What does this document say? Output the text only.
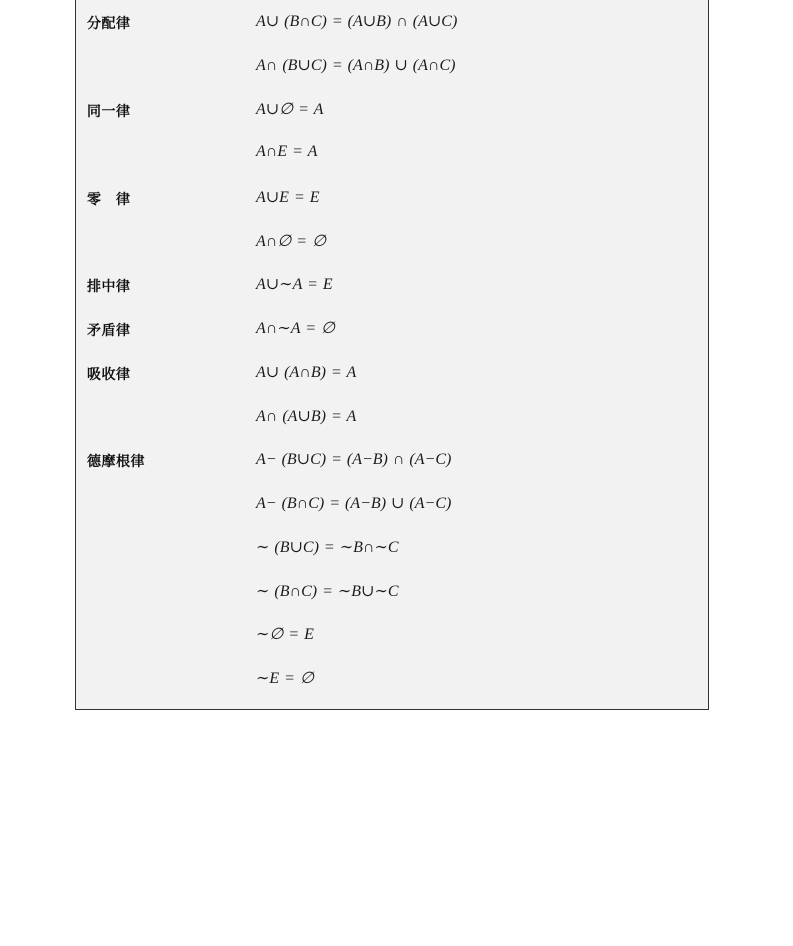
分配律	A∪ (B∩C) = (A∪B) ∩ (A∪C)
A∩ (B∪C) = (A∩B) ∪ (A∩C)
同一律	A∪∅ = A
A∩E = A
零　律	A∪E = E
A∩∅ = ∅
排中律	A∪∼A = E
矛盾律	A∩∼A = ∅
吸收律	A∪ (A∩B) = A
A∩ (A∪B) = A
德摩根律	A− (B∪C) = (A−B) ∩ (A−C)
A− (B∩C) = (A−B) ∪ (A−C)
∼ (B∪C) = ∼B∩∼C
∼ (B∩C) = ∼B∪∼C
∼∅ = E
∼E = ∅
